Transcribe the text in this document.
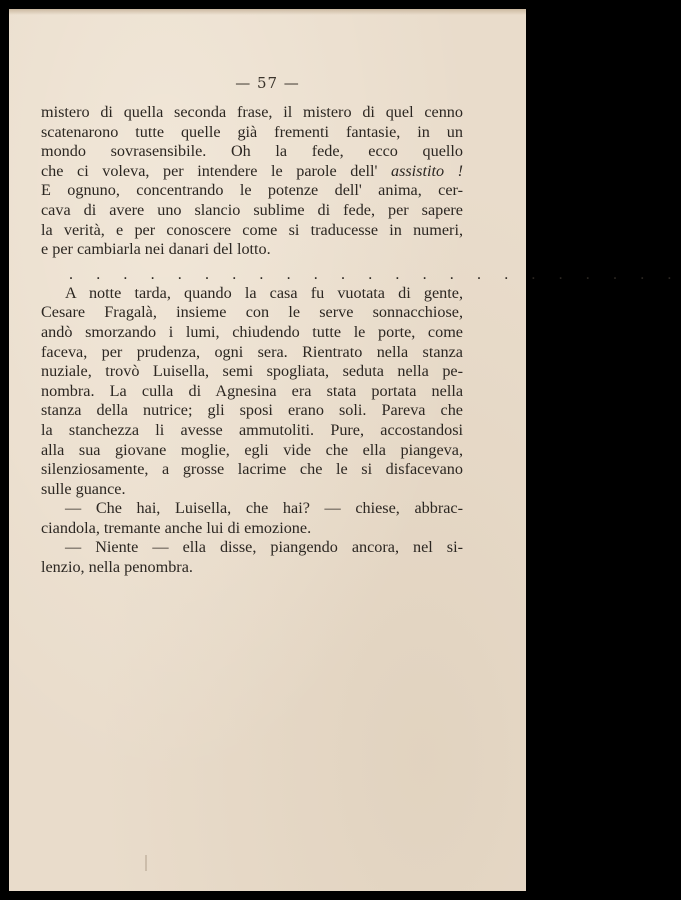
— 57 —

mistero di quella seconda frase, il mistero di quel cenno
scatenarono tutte quelle già frementi fantasie, in un
mondo sovrasensibile. Oh la fede, ecco quello
che ci voleva, per intendere le parole dell' assistito !
E ognuno, concentrando le potenze dell' anima, cer-
cava di avere uno slancio sublime di fede, per sapere
la verità, e per conoscere come si traducesse in numeri,
e per cambiarla nei danari del lotto.

. . . . . . . . . . . . . . . . . . . . . . .

A notte tarda, quando la casa fu vuotata di gente,
Cesare Fragalà, insieme con le serve sonnacchiose,
andò smorzando i lumi, chiudendo tutte le porte, come
faceva, per prudenza, ogni sera. Rientrato nella stanza
nuziale, trovò Luisella, semi spogliata, seduta nella pe-
nombra. La culla di Agnesina era stata portata nella
stanza della nutrice; gli sposi erano soli. Pareva che
la stanchezza li avesse ammutoliti. Pure, accostandosi
alla sua giovane moglie, egli vide che ella piangeva,
silenziosamente, a grosse lacrime che le si disfacevano
sulle guance.

— Che hai, Luisella, che hai? — chiese, abbrac-
ciandola, tremante anche lui di emozione.

— Niente — ella disse, piangendo ancora, nel si-
lenzio, nella penombra.
